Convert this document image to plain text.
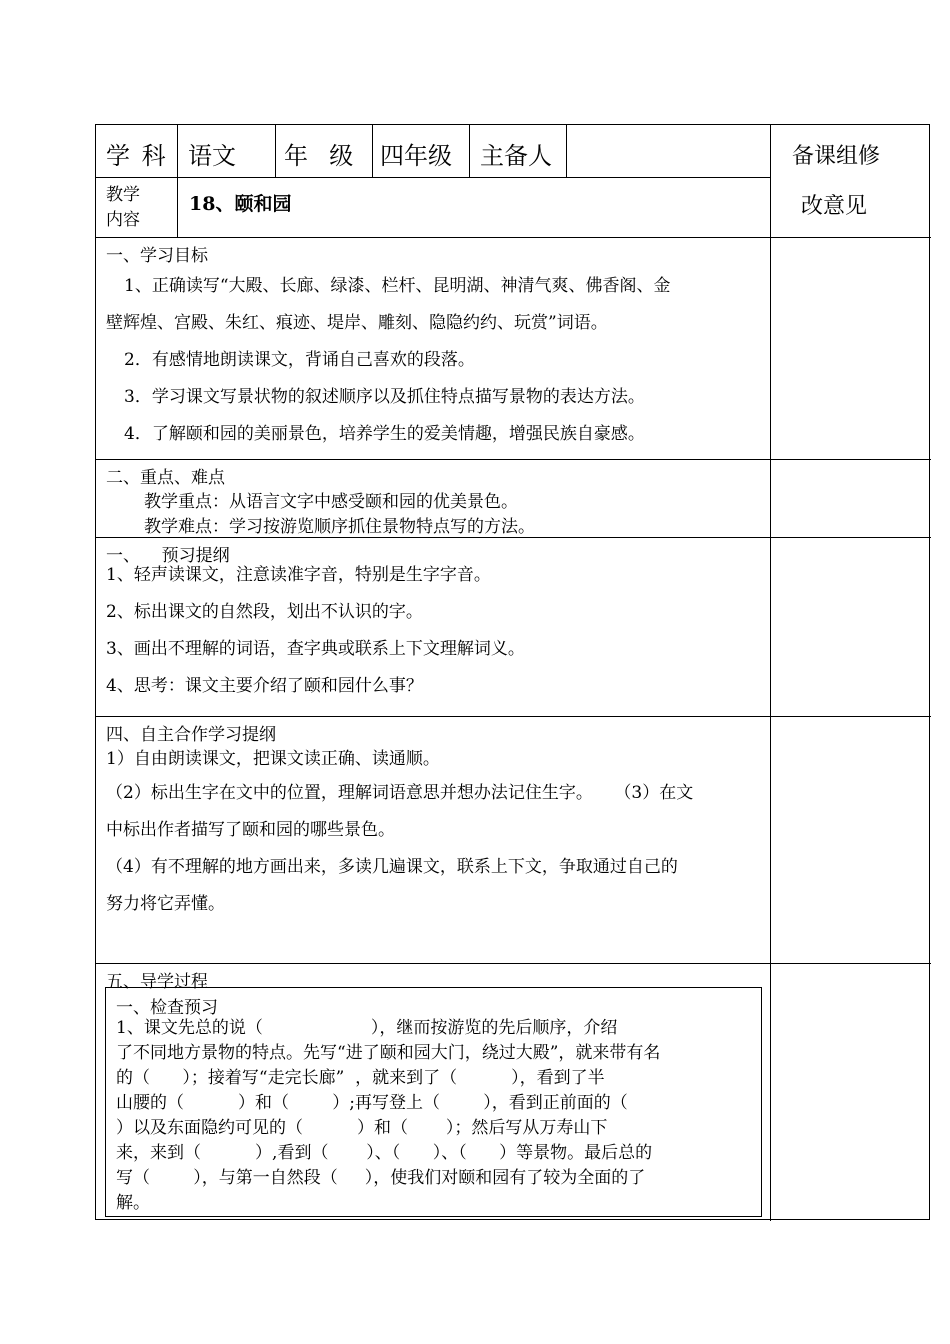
学 科 语文 年  级 四年级 主备人	备课组修
改意见
教学
内容
18、颐和园
一、学习目标
1、正确读写“大殿、长廊、绿漆、栏杆、昆明湖、神清气爽、佛香阁、金
壁辉煌、宫殿、朱红、痕迹、堤岸、雕刻、隐隐约约、玩赏”词语。
2．有感情地朗读课文，背诵自己喜欢的段落。
3．学习课文写景状物的叙述顺序以及抓住特点描写景物的表达方法。
4．了解颐和园的美丽景色，培养学生的爱美情趣，增强民族自豪感。
二、重点、难点
教学重点：从语言文字中感受颐和园的优美景色。
教学难点：学习按游览顺序抓住景物特点写的方法。
一、    预习提纲
1、轻声读课文，注意读准字音，特别是生字字音。
2、标出课文的自然段，划出不认识的字。
3、画出不理解的词语，查字典或联系上下文理解词义。
4、思考：课文主要介绍了颐和园什么事？
四、自主合作学习提纲
1）自由朗读课文，把课文读正确、读通顺。
（2）标出生字在文中的位置，理解词语意思并想办法记住生字。    （3）在文
中标出作者描写了颐和园的哪些景色。
（4）有不理解的地方画出来，多读几遍课文，联系上下文，争取通过自己的
努力将它弄懂。
五、导学过程
一、检查预习
1、课文先总的说（                    ），继而按游览的先后顺序，介绍
了不同地方景物的特点。先写“进了颐和园大门，绕过大殿”，就来带有名
的（      ）；接着写“走完长廊”  ，就来到了（          ），看到了半
山腰的（          ）和（        ）;再写登上（        ），看到正前面的（
）以及东面隐约可见的（          ）和（       ）；然后写从万寿山下
来，来到（          ）,看到（       ）、（      ）、（      ）等景物。最后总的
写（        ），与第一自然段（     ），使我们对颐和园有了较为全面的了
解。
